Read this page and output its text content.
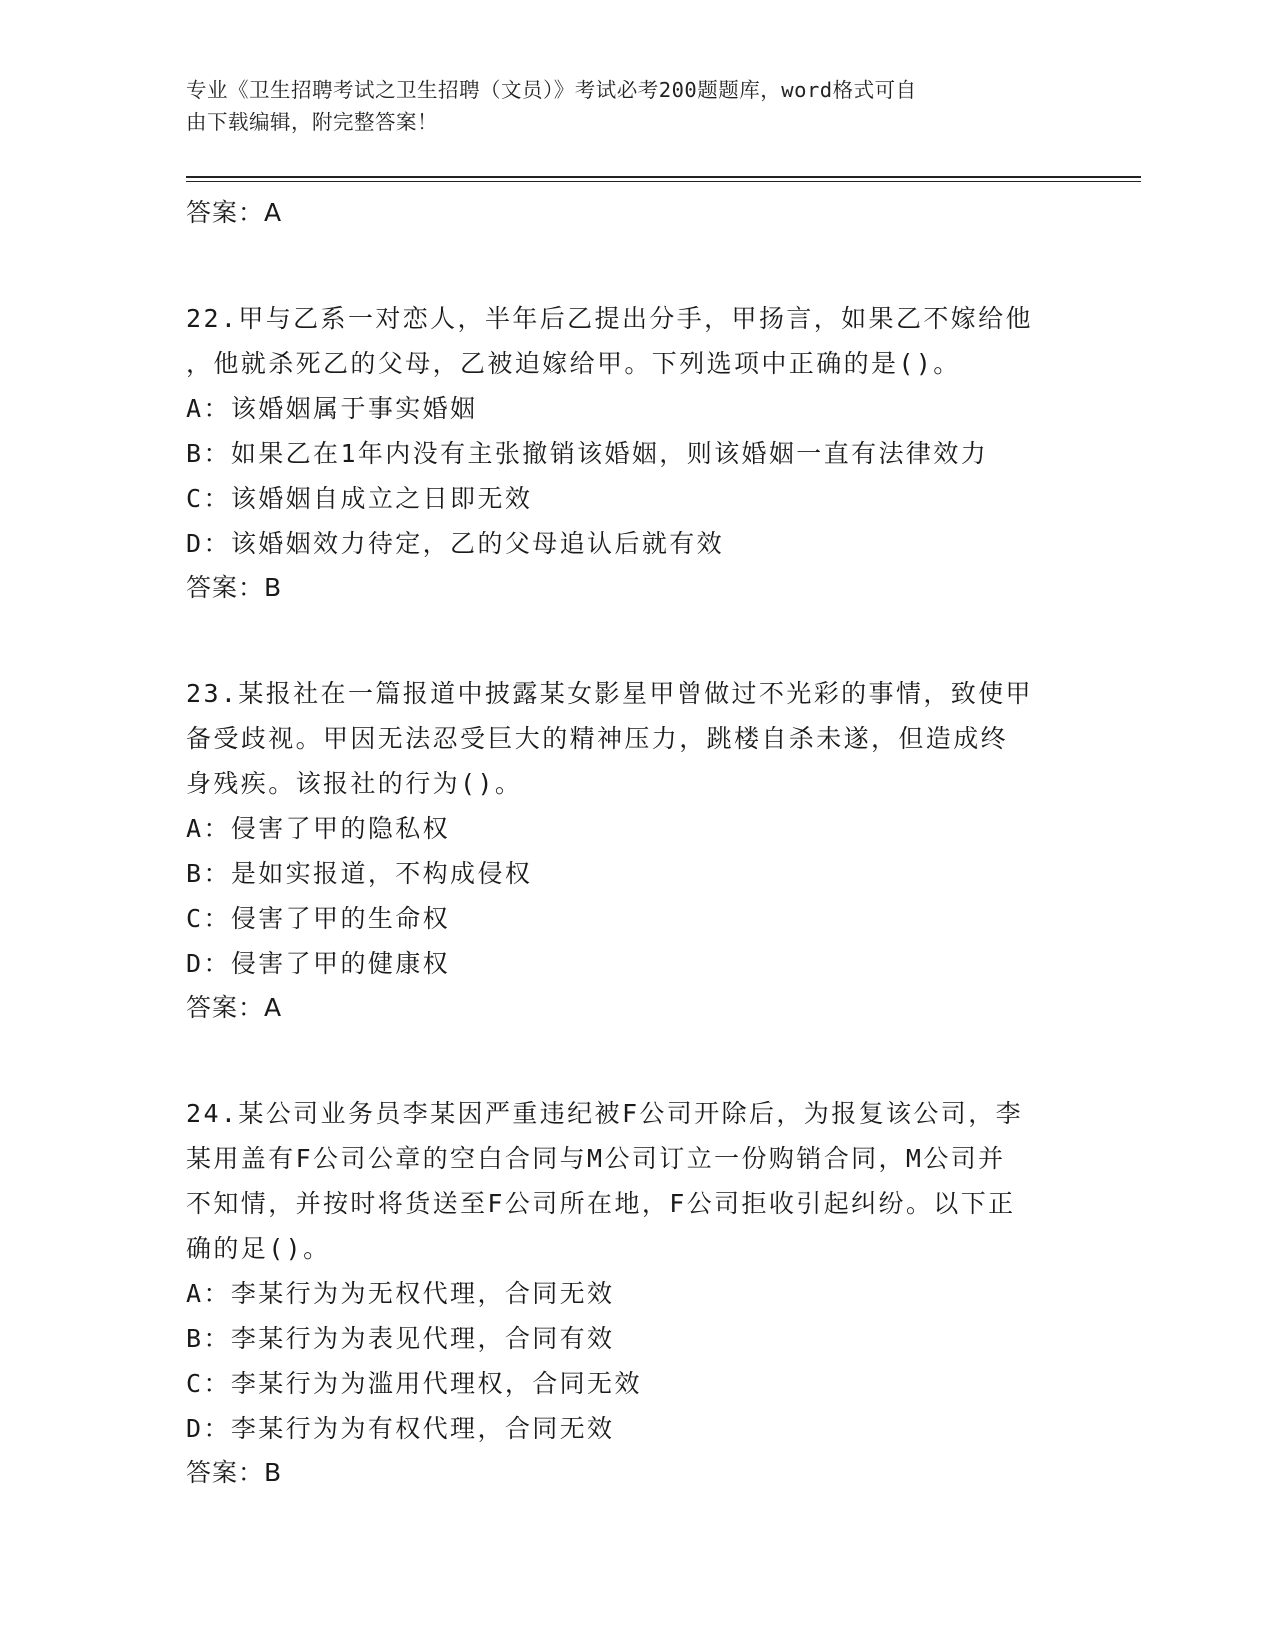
专业《卫生招聘考试之卫生招聘（文员）》考试必考200题题库，word格式可自
由下载编辑，附完整答案！
答案：A
22.甲与乙系一对恋人，半年后乙提出分手，甲扬言，如果乙不嫁给他
，他就杀死乙的父母，乙被迫嫁给甲。下列选项中正确的是()。
A：该婚姻属于事实婚姻
B：如果乙在1年内没有主张撤销该婚姻，则该婚姻一直有法律效力
C：该婚姻自成立之日即无效
D：该婚姻效力待定，乙的父母追认后就有效
答案：B
23.某报社在一篇报道中披露某女影星甲曾做过不光彩的事情，致使甲
备受歧视。甲因无法忍受巨大的精神压力，跳楼自杀未遂，但造成终
身残疾。该报社的行为()。
A：侵害了甲的隐私权
B：是如实报道，不构成侵权
C：侵害了甲的生命权
D：侵害了甲的健康权
答案：A
24.某公司业务员李某因严重违纪被F公司开除后，为报复该公司，李
某用盖有F公司公章的空白合同与M公司订立一份购销合同，M公司并
不知情，并按时将货送至F公司所在地，F公司拒收引起纠纷。以下正
确的足()。
A：李某行为为无权代理，合同无效
B：李某行为为表见代理，合同有效
C：李某行为为滥用代理权，合同无效
D：李某行为为有权代理，合同无效
答案：B
